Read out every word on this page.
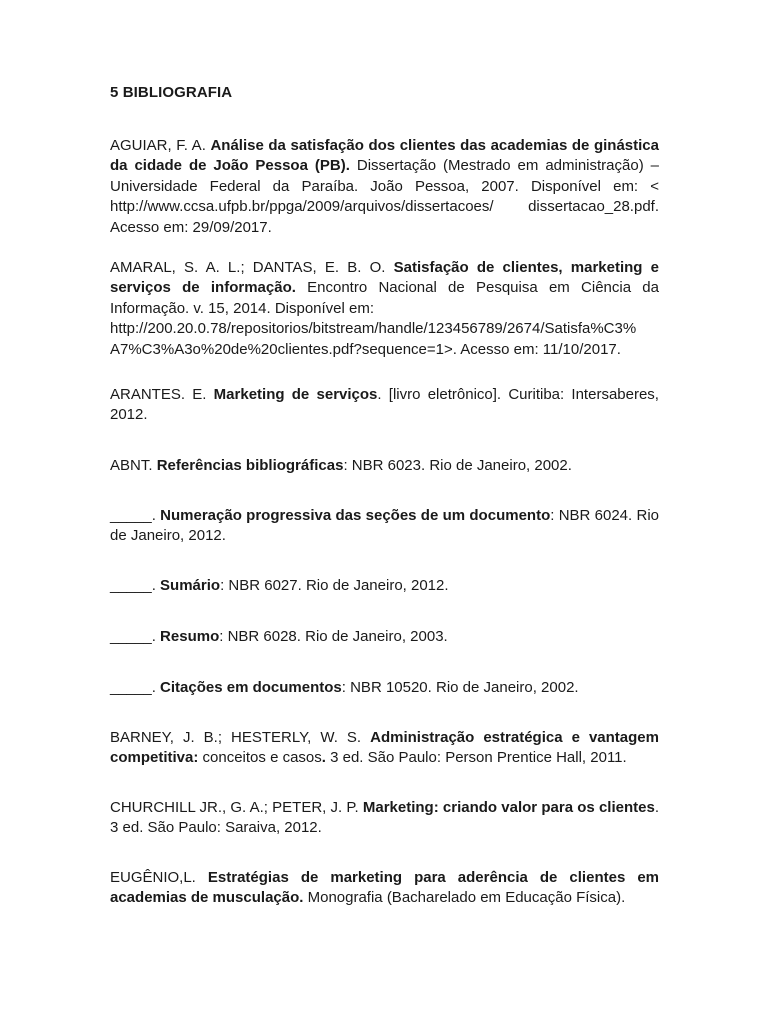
5 BIBLIOGRAFIA
AGUIAR, F. A. Análise da satisfação dos clientes das academias de ginástica da cidade de João Pessoa (PB). Dissertação (Mestrado em administração) – Universidade Federal da Paraíba. João Pessoa, 2007. Disponível em: < http://www.ccsa.ufpb.br/ppga/2009/arquivos/dissertacoes/ dissertacao_28.pdf. Acesso em: 29/09/2017.
AMARAL, S. A. L.; DANTAS, E. B. O. Satisfação de clientes, marketing e serviços de informação. Encontro Nacional de Pesquisa em Ciência da Informação. v. 15, 2014. Disponível em:
http://200.20.0.78/repositorios/bitstream/handle/123456789/2674/Satisfa%C3%
A7%C3%A3o%20de%20clientes.pdf?sequence=1>. Acesso em: 11/10/2017.
ARANTES. E. Marketing de serviços. [livro eletrônico]. Curitiba: Intersaberes, 2012.
ABNT. Referências bibliográficas: NBR 6023. Rio de Janeiro, 2002.
_____. Numeração progressiva das seções de um documento: NBR 6024. Rio de Janeiro, 2012.
_____. Sumário: NBR 6027. Rio de Janeiro, 2012.
_____. Resumo: NBR 6028. Rio de Janeiro, 2003.
_____. Citações em documentos: NBR 10520. Rio de Janeiro, 2002.
BARNEY, J. B.; HESTERLY, W. S. Administração estratégica e vantagem competitiva: conceitos e casos. 3 ed. São Paulo: Person Prentice Hall, 2011.
CHURCHILL JR., G. A.; PETER, J. P. Marketing: criando valor para os clientes. 3 ed. São Paulo: Saraiva, 2012.
EUGÊNIO,L. Estratégias de marketing para aderência de clientes em academias de musculação. Monografia (Bacharelado em Educação Física).
